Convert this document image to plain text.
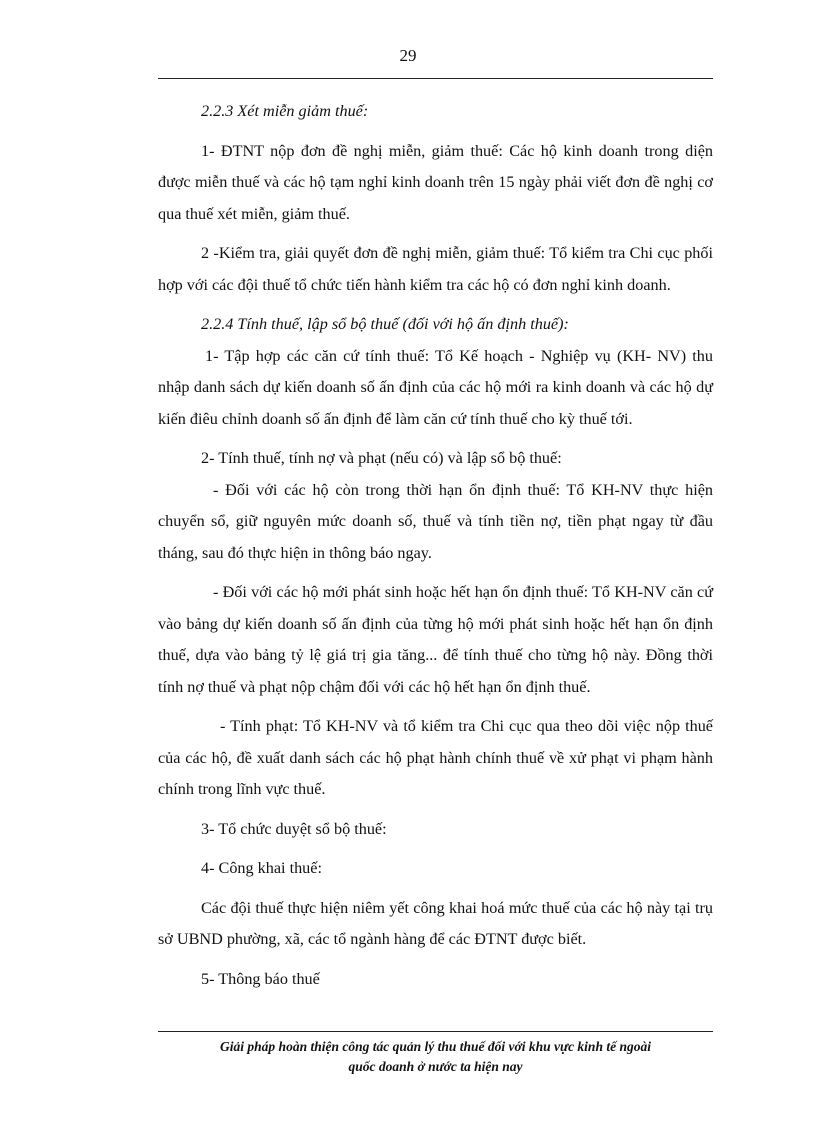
29

2.2.3 Xét miễn giảm thuế:

1- ĐTNT nộp đơn đề nghị miễn, giảm thuế: Các hộ kinh doanh trong diện được miễn thuế và các hộ tạm nghỉ kinh doanh trên 15 ngày phải viết đơn đề nghị cơ qua thuế xét miễn, giảm thuế.

2 -Kiểm tra, giải quyết đơn đề nghị miễn, giảm thuế: Tổ kiểm tra Chi cục phối hợp với các đội thuế tổ chức tiến hành kiểm tra các hộ có đơn nghỉ kinh doanh.

2.2.4 Tính thuế, lập sổ bộ thuế (đối với hộ ấn định thuế):

1- Tập hợp các căn cứ tính thuế: Tổ Kế hoạch - Nghiệp vụ (KH- NV) thu nhập danh sách dự kiến doanh số ấn định của các hộ mới ra kinh doanh và các hộ dự kiến điêu chỉnh doanh số ấn định để làm căn cứ tính thuế cho kỳ thuế tới.

2- Tính thuế, tính nợ và phạt (nếu có) và lập sổ bộ thuế:

- Đối với các hộ còn trong thời hạn ổn định thuế: Tổ KH-NV thực hiện chuyển sổ, giữ nguyên mức doanh số, thuế và tính tiền nợ, tiền phạt ngay từ đầu tháng, sau đó thực hiện in thông báo ngay.

- Đối với các hộ mới phát sinh hoặc hết hạn ổn định thuế: Tổ KH-NV căn cứ vào bảng dự kiến doanh số ấn định của từng hộ mới phát sinh hoặc hết hạn ổn định thuế, dựa vào bảng tỷ lệ giá trị gia tăng... để tính thuế cho từng hộ này. Đồng thời tính nợ thuế và phạt nộp chậm đối với các hộ hết hạn ổn định thuế.

- Tính phạt: Tổ KH-NV và tổ kiểm tra Chi cục qua theo dõi việc nộp thuế của các hộ, đề xuất danh sách các hộ phạt hành chính thuế về xử phạt vi phạm hành chính trong lĩnh vực thuế.

3- Tổ chức duyệt sổ bộ thuế:

4- Công khai thuế:

Các đội thuế thực hiện niêm yết công khai hoá mức thuế của các hộ này tại trụ sở UBND phường, xã, các tổ ngành hàng để các ĐTNT được biết.

5- Thông báo thuế

Giải pháp hoàn thiện công tác quản lý thu thuế đối với khu vực kinh tế ngoài
quốc doanh ở nước ta hiện nay
